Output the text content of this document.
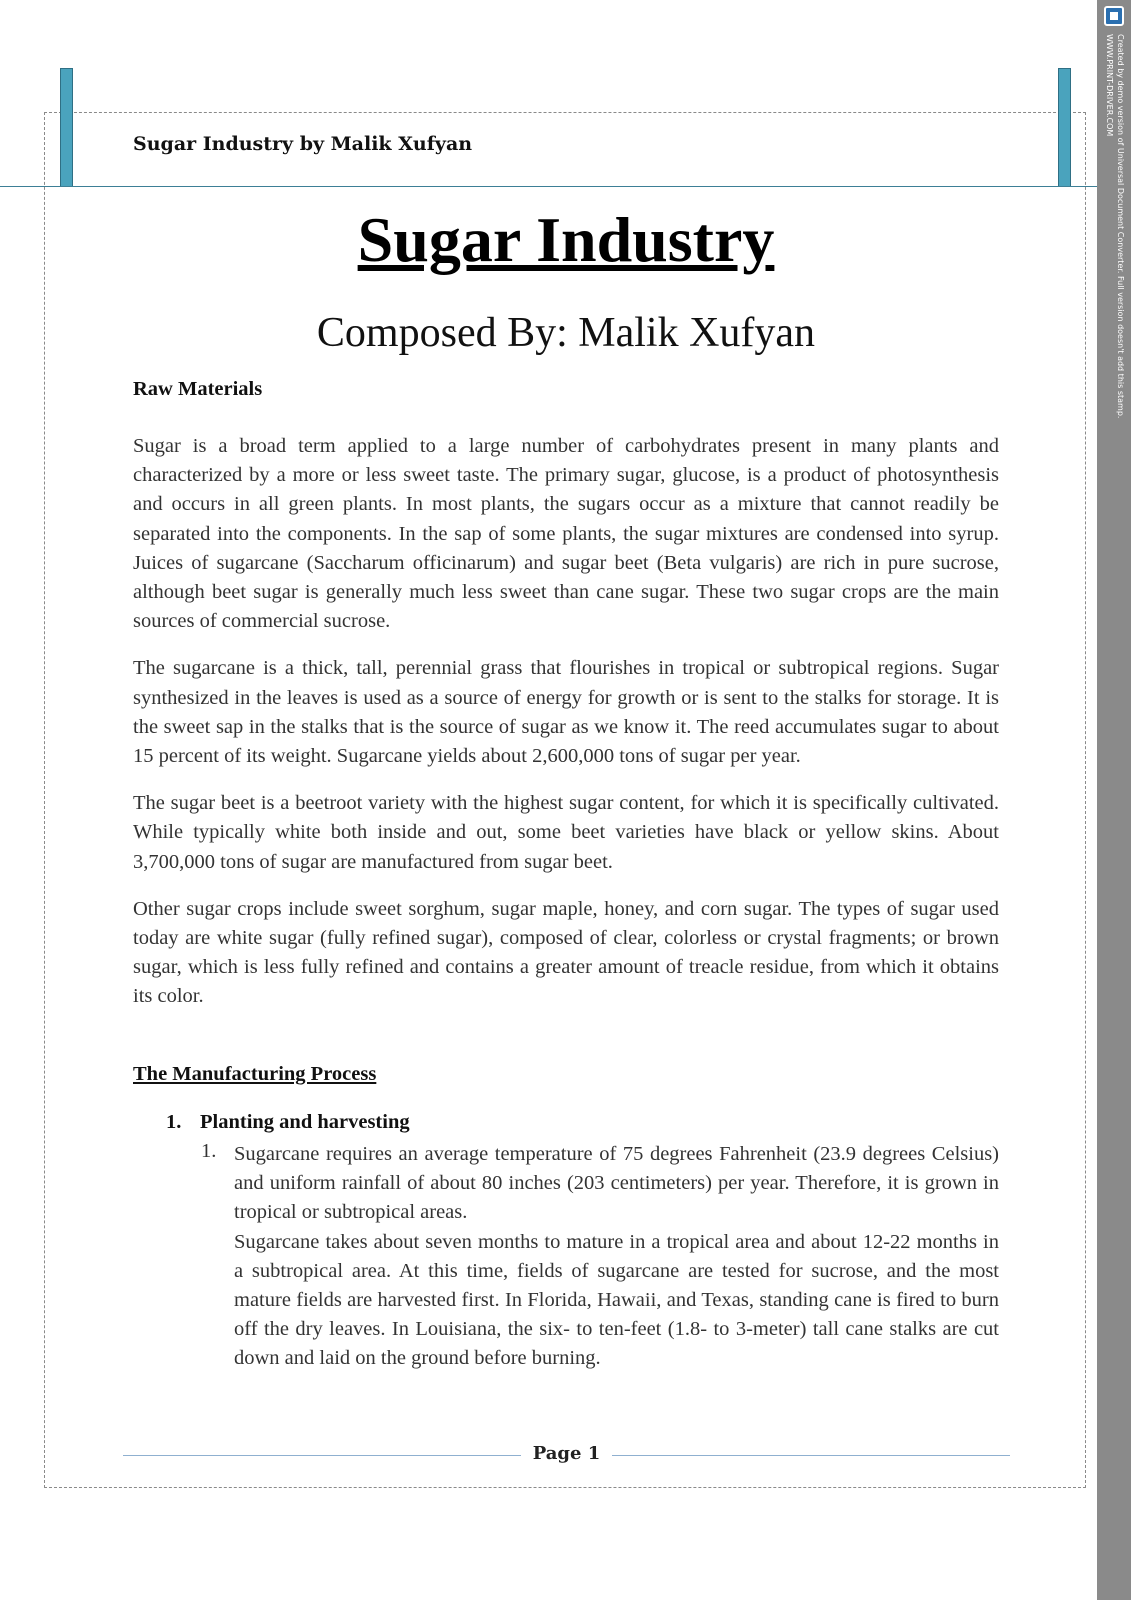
Sugar Industry by Malik Xufyan
Sugar Industry
Composed By: Malik Xufyan
Raw Materials

Sugar is a broad term applied to a large number of carbohydrates present in many plants and characterized by a more or less sweet taste. The primary sugar, glucose, is a product of photosynthesis and occurs in all green plants. In most plants, the sugars occur as a mixture that cannot readily be separated into the components. In the sap of some plants, the sugar mixtures are condensed into syrup. Juices of sugarcane (Saccharum officinarum) and sugar beet (Beta vulgaris) are rich in pure sucrose, although beet sugar is generally much less sweet than cane sugar. These two sugar crops are the main sources of commercial sucrose.

The sugarcane is a thick, tall, perennial grass that flourishes in tropical or subtropical regions. Sugar synthesized in the leaves is used as a source of energy for growth or is sent to the stalks for storage. It is the sweet sap in the stalks that is the source of sugar as we know it. The reed accumulates sugar to about 15 percent of its weight. Sugarcane yields about 2,600,000 tons of sugar per year.

The sugar beet is a beetroot variety with the highest sugar content, for which it is specifically cultivated. While typically white both inside and out, some beet varieties have black or yellow skins. About 3,700,000 tons of sugar are manufactured from sugar beet.

Other sugar crops include sweet sorghum, sugar maple, honey, and corn sugar. The types of sugar used today are white sugar (fully refined sugar), composed of clear, colorless or crystal fragments; or brown sugar, which is less fully refined and contains a greater amount of treacle residue, from which it obtains its color.

The Manufacturing Process
1. Planting and harvesting
1. Sugarcane requires an average temperature of 75 degrees Fahrenheit (23.9 degrees Celsius) and uniform rainfall of about 80 inches (203 centimeters) per year. Therefore, it is grown in tropical or subtropical areas.

Sugarcane takes about seven months to mature in a tropical area and about 12-22 months in a subtropical area. At this time, fields of sugarcane are tested for sucrose, and the most mature fields are harvested first. In Florida, Hawaii, and Texas, standing cane is fired to burn off the dry leaves. In Louisiana, the six- to ten-feet (1.8- to 3-meter) tall cane stalks are cut down and laid on the ground before burning.

Page 1
Created by demo version of Universal Document Converter. Full version doesn't add this stamp.
WWW.PRINT-DRIVER.COM
